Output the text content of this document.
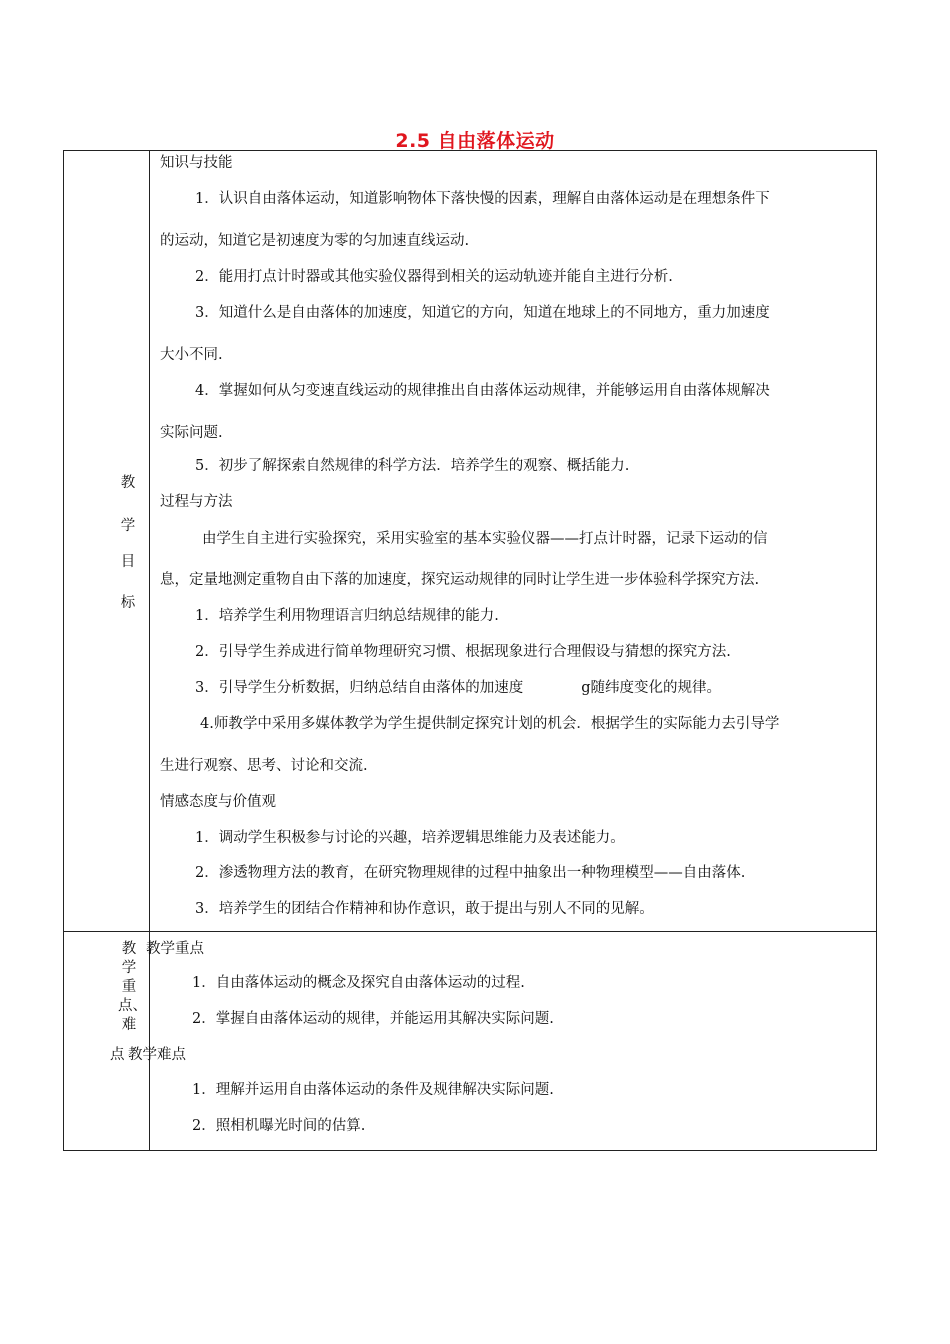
2.5 自由落体运动
教
学
目
标
知识与技能
1．认识自由落体运动，知道影响物体下落快慢的因素，理解自由落体运动是在理想条件下
的运动，知道它是初速度为零的匀加速直线运动.
2．能用打点计时器或其他实验仪器得到相关的运动轨迹并能自主进行分析.
3．知道什么是自由落体的加速度，知道它的方向，知道在地球上的不同地方，重力加速度
大小不同.
4．掌握如何从匀变速直线运动的规律推出自由落体运动规律，并能够运用自由落体规解决
实际问题.
5．初步了解探索自然规律的科学方法．培养学生的观察、概括能力.
过程与方法
由学生自主进行实验探究，采用实验室的基本实验仪器——打点计时器，记录下运动的信
息，定量地测定重物自由下落的加速度，探究运动规律的同时让学生进一步体验科学探究方法.
1．培养学生利用物理语言归纳总结规律的能力.
2．引导学生养成进行简单物理研究习惯、根据现象进行合理假设与猜想的探究方法.
3．引导学生分析数据，归纳总结自由落体的加速度　　　　g随纬度变化的规律。
4.师教学中采用多媒体教学为学生提供制定探究计划的机会．根据学生的实际能力去引导学
生进行观察、思考、讨论和交流.
情感态度与价值观
1．调动学生积极参与讨论的兴趣，培养逻辑思维能力及表述能力。
2．渗透物理方法的教育，在研究物理规律的过程中抽象出一种物理模型——自由落体.
3．培养学生的团结合作精神和协作意识，敢于提出与别人不同的见解。
教学重点、难
点
教学重点
1．自由落体运动的概念及探究自由落体运动的过程.
2．掌握自由落体运动的规律，并能运用其解决实际问题.
教学难点
1．理解并运用自由落体运动的条件及规律解决实际问题.
2．照相机曝光时间的估算.
